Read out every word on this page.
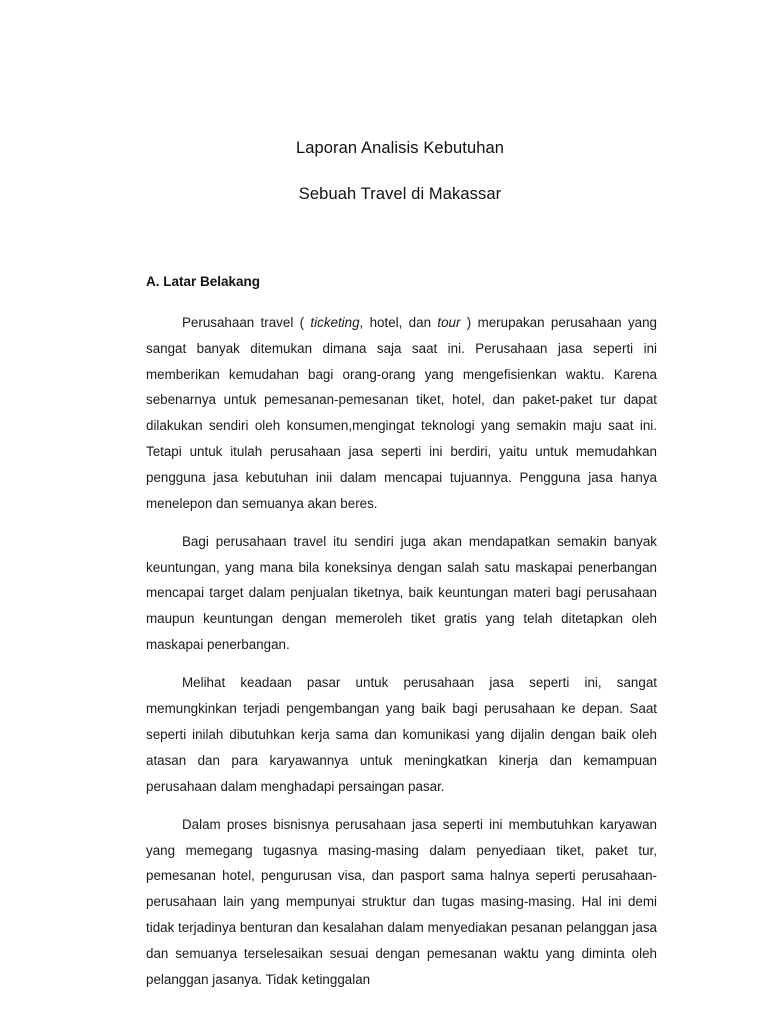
Laporan Analisis Kebutuhan
Sebuah Travel di Makassar
A. Latar Belakang

Perusahaan travel ( ticketing, hotel, dan tour ) merupakan perusahaan yang sangat banyak ditemukan dimana saja saat ini. Perusahaan jasa seperti ini memberikan kemudahan bagi orang-orang yang mengefisienkan waktu. Karena sebenarnya untuk pemesanan-pemesanan tiket, hotel, dan paket-paket tur dapat dilakukan sendiri oleh konsumen,mengingat teknologi yang semakin maju saat ini. Tetapi untuk itulah perusahaan jasa seperti ini berdiri, yaitu untuk memudahkan pengguna jasa kebutuhan inii dalam mencapai tujuannya. Pengguna jasa hanya menelepon dan semuanya akan beres.

Bagi perusahaan travel itu sendiri juga akan mendapatkan semakin banyak keuntungan, yang mana bila koneksinya dengan salah satu maskapai penerbangan mencapai target dalam penjualan tiketnya, baik keuntungan materi bagi perusahaan maupun keuntungan dengan memeroleh tiket gratis yang telah ditetapkan oleh maskapai penerbangan.

Melihat keadaan pasar untuk perusahaan jasa seperti ini, sangat memungkinkan terjadi pengembangan yang baik bagi perusahaan ke depan. Saat seperti inilah dibutuhkan kerja sama dan komunikasi yang dijalin dengan baik oleh atasan dan para karyawannya untuk meningkatkan kinerja dan kemampuan perusahaan dalam menghadapi persaingan pasar.

Dalam proses bisnisnya perusahaan jasa seperti ini membutuhkan karyawan yang memegang tugasnya masing-masing dalam penyediaan tiket, paket tur, pemesanan hotel, pengurusan visa, dan pasport sama halnya seperti perusahaan-perusahaan lain yang mempunyai struktur dan tugas masing-masing. Hal ini demi tidak terjadinya benturan dan kesalahan dalam menyediakan pesanan pelanggan jasa dan semuanya terselesaikan sesuai dengan pemesanan waktu yang diminta oleh pelanggan jasanya. Tidak ketinggalan
